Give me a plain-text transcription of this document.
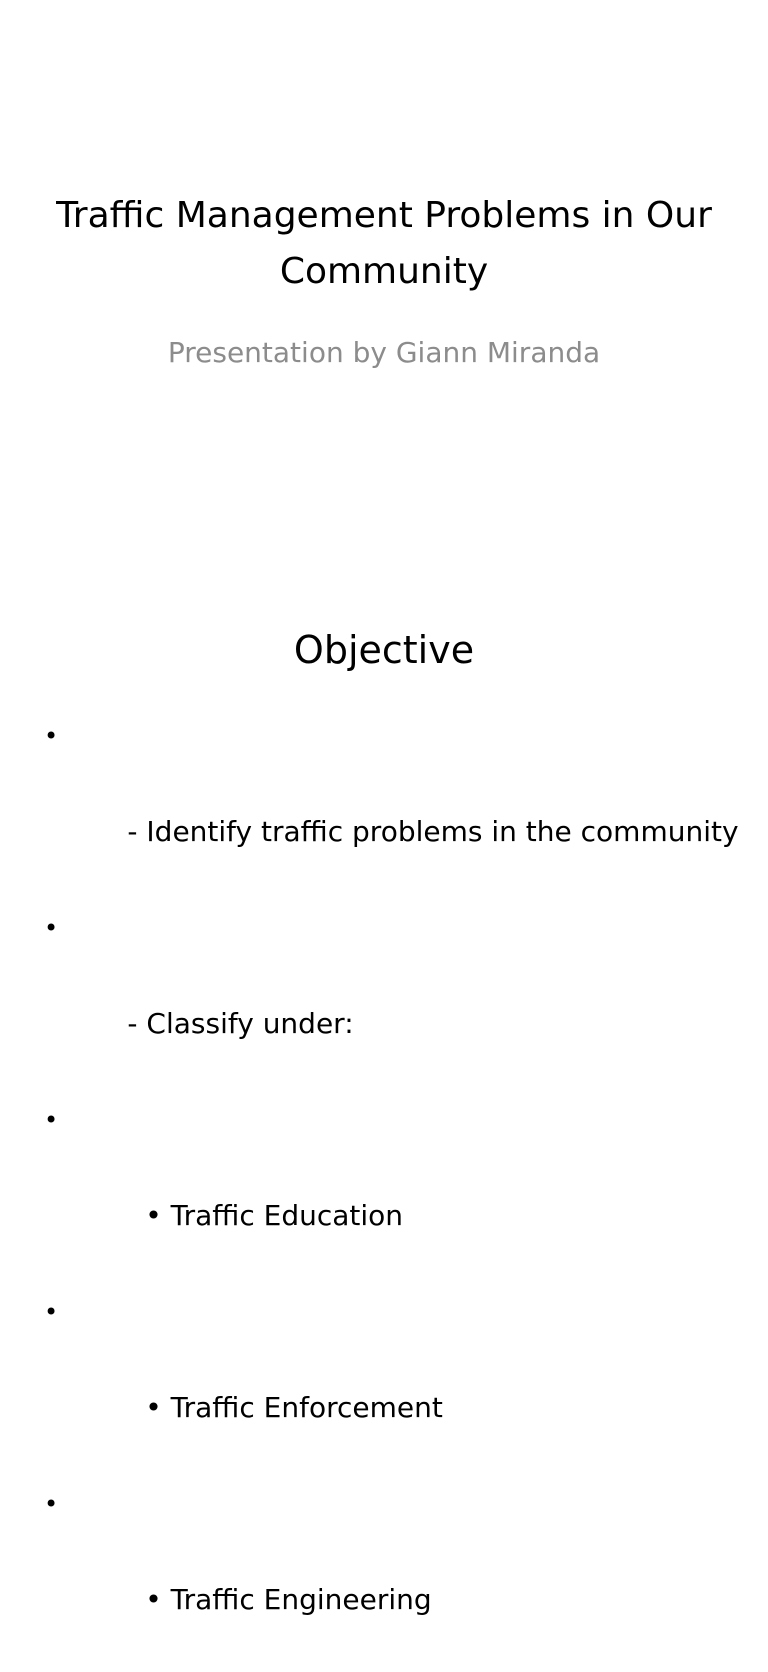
Traffic Management Problems in Our Community

Presentation by Giann Miranda

Objective

•

- Identify traffic problems in the community

•

- Classify under:

•

• Traffic Education

•

• Traffic Enforcement

•

• Traffic Engineering
